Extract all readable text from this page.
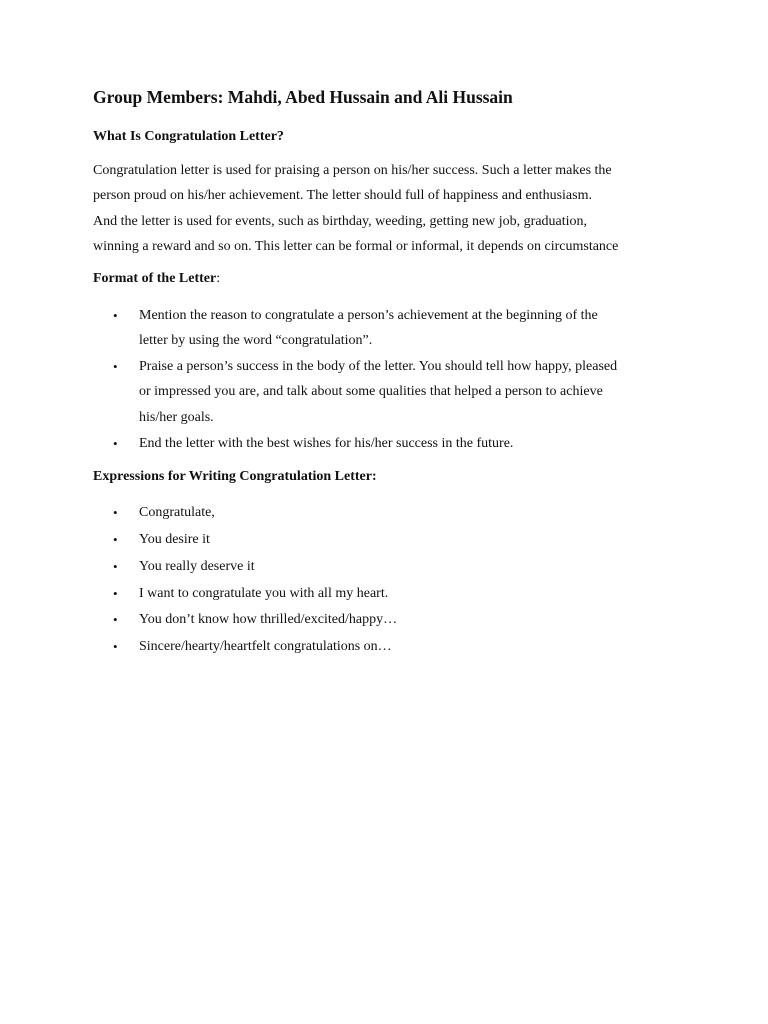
Group Members: Mahdi, Abed Hussain and Ali Hussain
What Is Congratulation Letter?

Congratulation letter is used for praising a person on his/her success. Such a letter makes the
person proud on his/her achievement. The letter should full of happiness and enthusiasm.
And the letter is used for events, such as birthday, weeding, getting new job, graduation,
winning a reward and so on. This letter can be formal or informal, it depends on circumstance

Format of the Letter:
• Mention the reason to congratulate a person’s achievement at the beginning of the
letter by using the word “congratulation”.
• Praise a person’s success in the body of the letter. You should tell how happy, pleased
or impressed you are, and talk about some qualities that helped a person to achieve
his/her goals.
• End the letter with the best wishes for his/her success in the future.
Expressions for Writing Congratulation Letter:
• Congratulate,
• You desire it
• You really deserve it
• I want to congratulate you with all my heart.
• You don’t know how thrilled/excited/happy…
• Sincere/hearty/heartfelt congratulations on…
